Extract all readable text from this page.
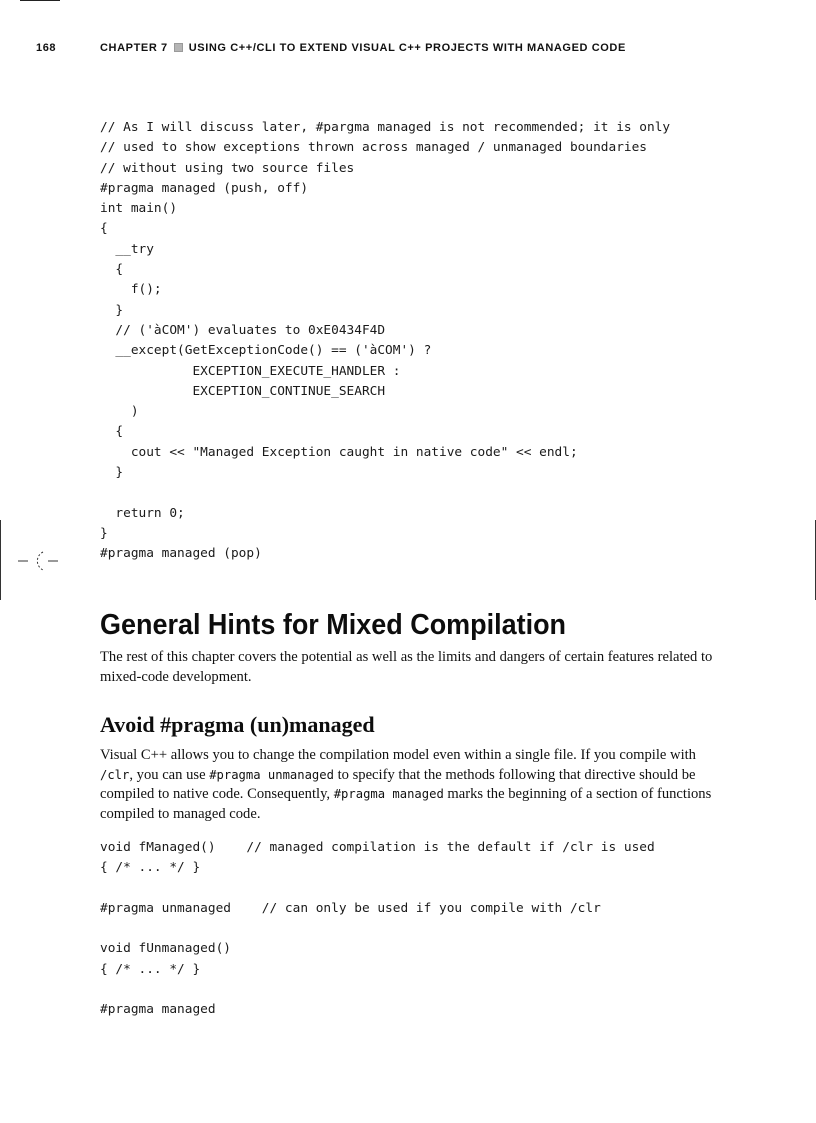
168	CHAPTER 7 USING C++/CLI TO EXTEND VISUAL C++ PROJECTS WITH MANAGED CODE
// As I will discuss later, #pargma managed is not recommended; it is only
// used to show exceptions thrown across managed / unmanaged boundaries
// without using two source files
#pragma managed (push, off)
int main()
{
__try
{
f();
}
// ('àCOM') evaluates to 0xE0434F4D
__except(GetExceptionCode() == ('àCOM') ?
EXCEPTION_EXECUTE_HANDLER :
EXCEPTION_CONTINUE_SEARCH
)
{
cout << "Managed Exception caught in native code" << endl;
}

return 0;
}
#pragma managed (pop)
General Hints for Mixed Compilation

The rest of this chapter covers the potential as well as the limits and dangers of certain features related to mixed-code development.

Avoid #pragma (un)managed

Visual C++ allows you to change the compilation model even within a single file. If you compile with /clr, you can use #pragma unmanaged to specify that the methods following that directive should be compiled to native code. Consequently, #pragma managed marks the beginning of a section of functions compiled to managed code.

void fManaged()    // managed compilation is the default if /clr is used
{ /* ... */ }

#pragma unmanaged    // can only be used if you compile with /clr

void fUnmanaged()
{ /* ... */ }

#pragma managed
